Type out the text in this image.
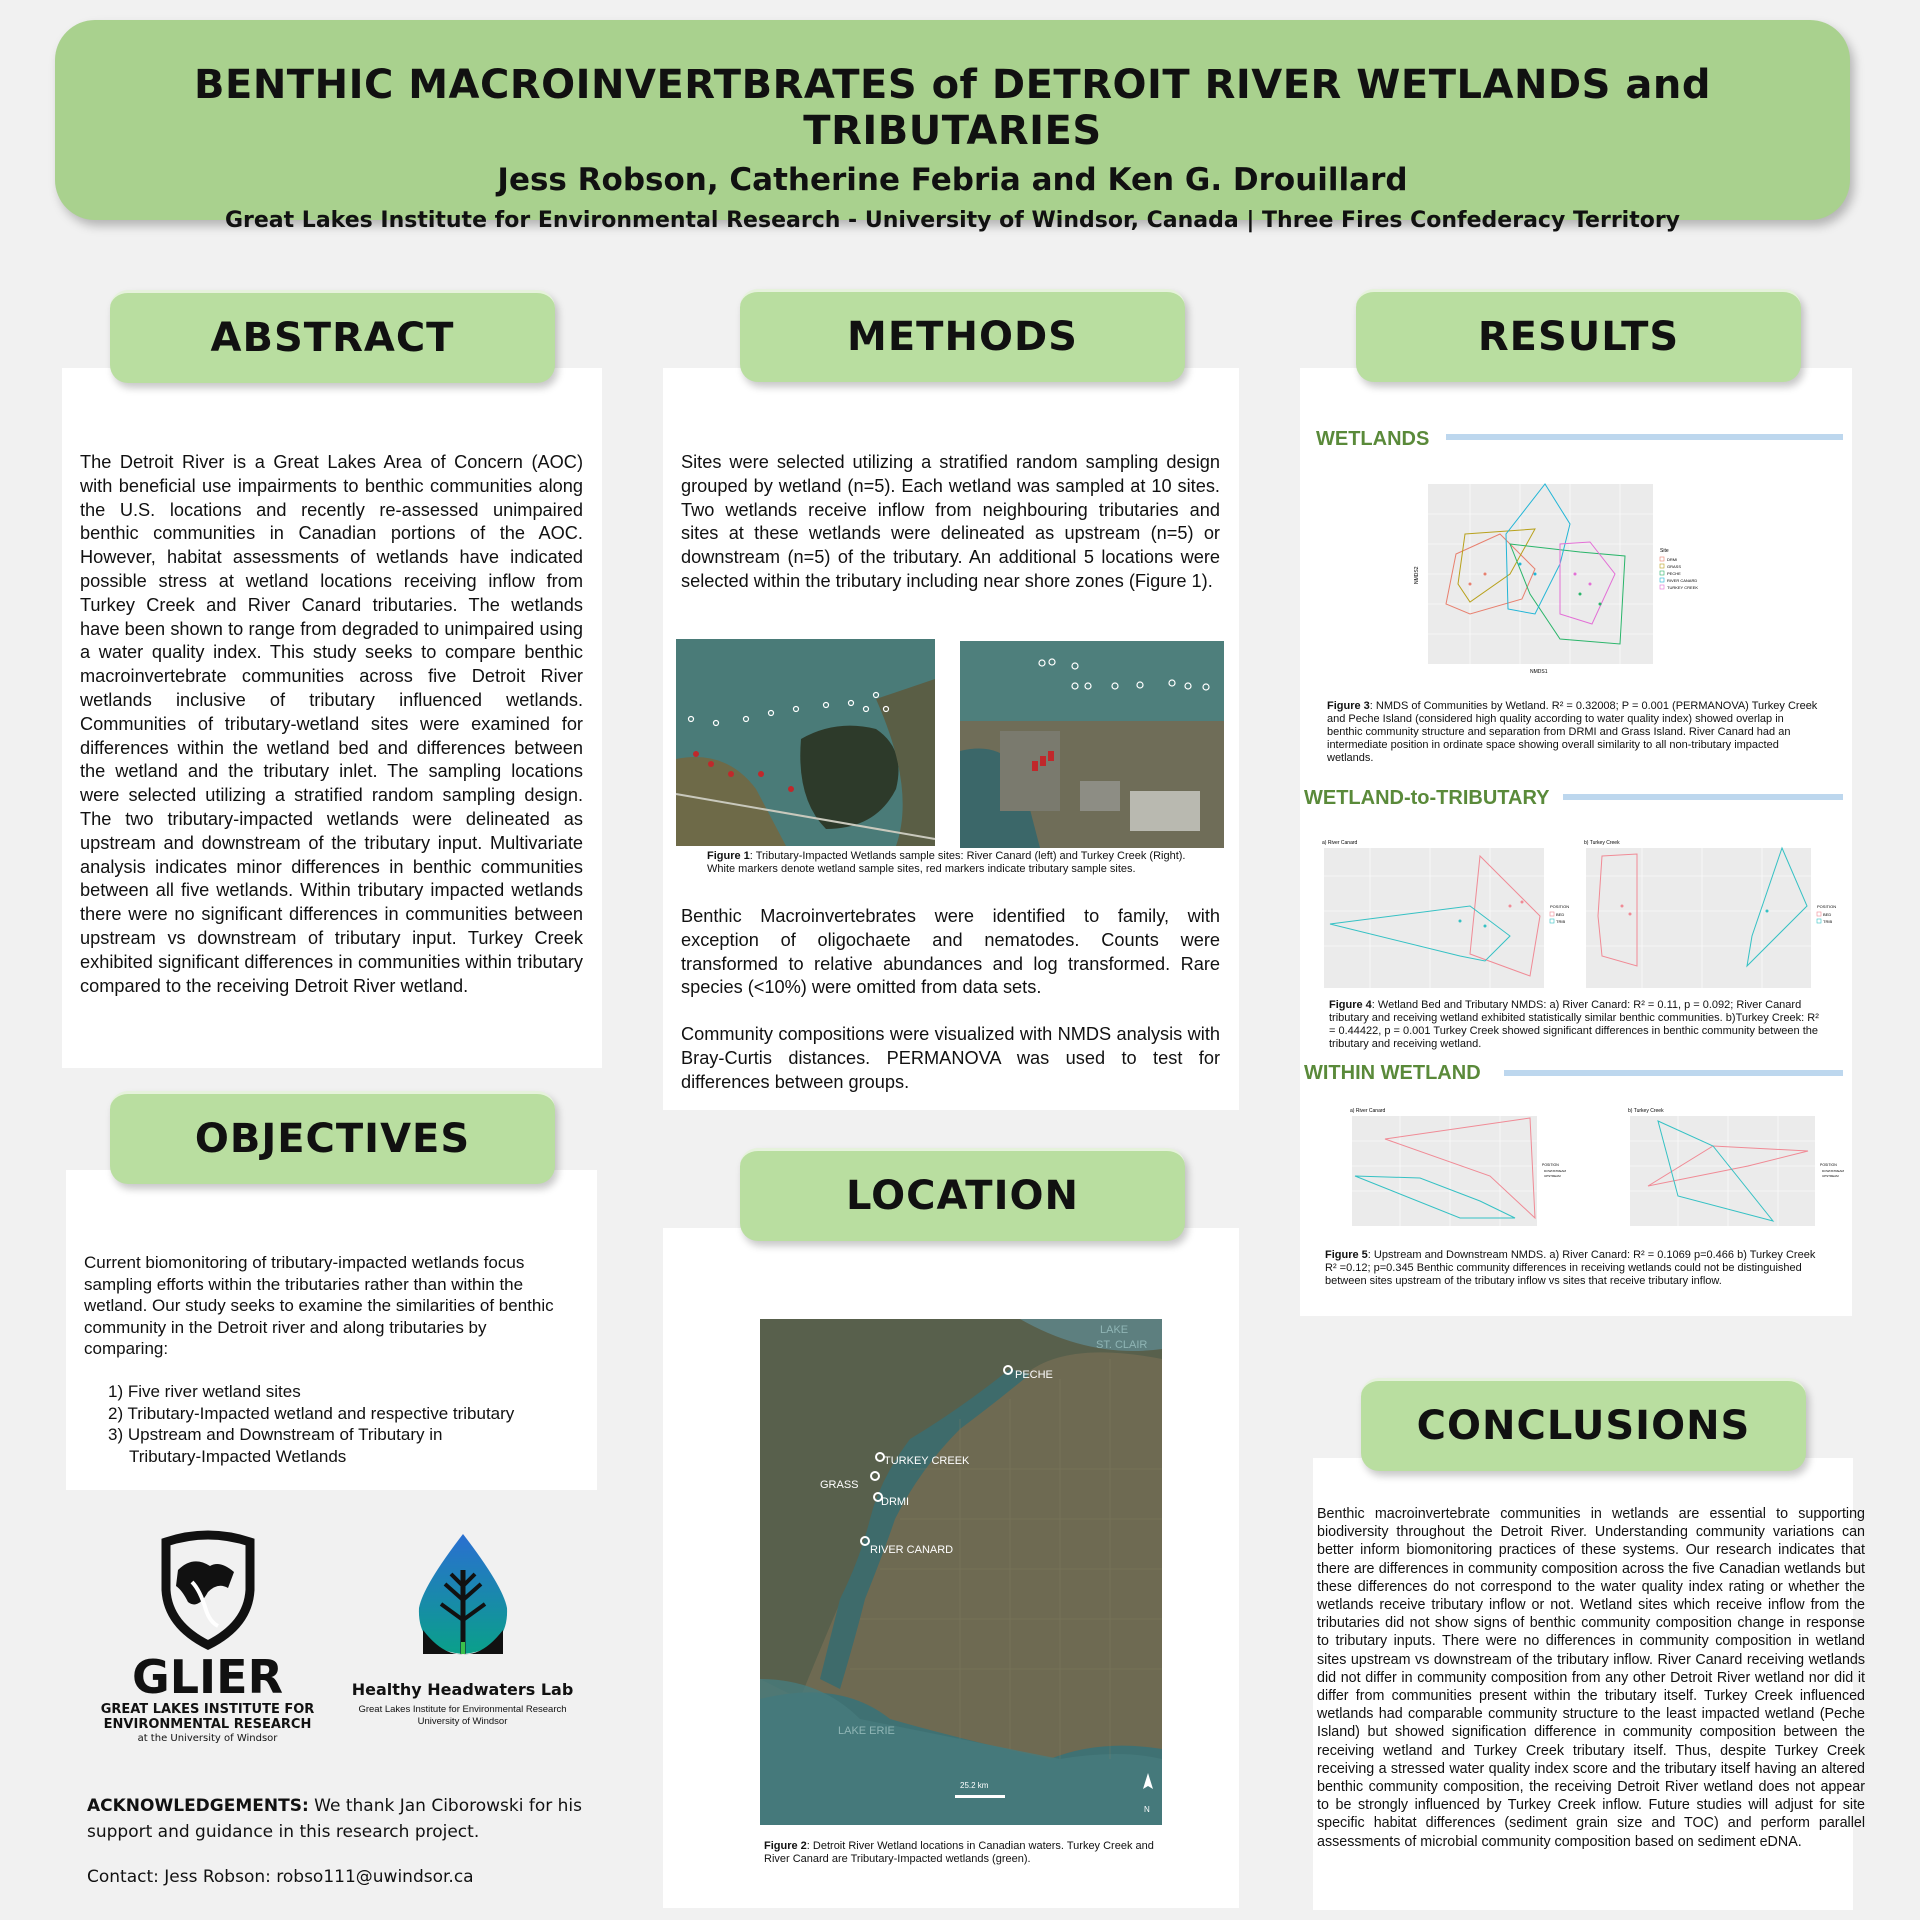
BENTHIC MACROINVERTBRATES of DETROIT RIVER WETLANDS and TRIBUTARIES
Jess Robson, Catherine Febria and Ken G. Drouillard
Great Lakes Institute for Environmental Research - University of Windsor, Canada | Three Fires Confederacy Territory
ABSTRACT
The Detroit River is a Great Lakes Area of Concern (AOC) with beneficial use impairments to benthic communities along the U.S. locations and recently re-assessed unimpaired benthic communities in Canadian portions of the AOC. However, habitat assessments of wetlands have indicated possible stress at wetland locations receiving inflow from Turkey Creek and River Canard tributaries. The wetlands have been shown to range from degraded to unimpaired using a water quality index. This study seeks to compare benthic macroinvertebrate communities across five Detroit River wetlands inclusive of tributary influenced wetlands. Communities of tributary-wetland sites were examined for differences within the wetland bed and differences between the wetland and the tributary inlet. The sampling locations were selected utilizing a stratified random sampling design. The two tributary-impacted wetlands were delineated as upstream and downstream of the tributary input. Multivariate analysis indicates minor differences in benthic communities between all five wetlands. Within tributary impacted wetlands there were no significant differences in communities between upstream vs downstream of tributary input. Turkey Creek exhibited significant differences in communities within tributary compared to the receiving Detroit River wetland.
OBJECTIVES
Current biomonitoring of tributary-impacted wetlands focus sampling efforts within the tributaries rather than within the wetland. Our study seeks to examine the similarities of benthic community in the Detroit river and along tributaries by comparing:
1) Five river wetland sites
2) Tributary-Impacted wetland and respective tributary
3) Upstream and Downstream of Tributary in
Tributary-Impacted Wetlands
GLIER
GREAT LAKES INSTITUTE FOR
ENVIRONMENTAL RESEARCH
at the University of Windsor
Healthy Headwaters Lab
Great Lakes Institute for Environmental Research
University of Windsor
ACKNOWLEDGEMENTS: We thank Jan Ciborowski for his support and guidance in this research project.
Contact: Jess Robson: robso111@uwindsor.ca
METHODS
Sites were selected utilizing a stratified random sampling design grouped by wetland (n=5). Each wetland was sampled at 10 sites. Two wetlands receive inflow from neighbouring tributaries and sites at these wetlands were delineated as upstream (n=5) or downstream (n=5) of the tributary. An additional 5 locations were selected within the tributary including near shore zones (Figure 1).
Figure 1: Tributary-Impacted Wetlands sample sites: River Canard (left) and Turkey Creek (Right). White markers denote wetland sample sites, red markers indicate tributary sample sites.
Benthic Macroinvertebrates were identified to family, with exception of oligochaete and nematodes. Counts were transformed to relative abundances and log transformed. Rare species (<10%) were omitted from data sets.
Community compositions were visualized with NMDS analysis with Bray-Curtis distances. PERMANOVA was used to test for differences between groups.
LOCATION
PECHE
TURKEY CREEK
GRASS
DRMI
RIVER CANARD
LAKE ERIE
LAKE
ST. CLAIR
25.2 km
N
Figure 2: Detroit River Wetland locations in Canadian waters. Turkey Creek and River Canard are Tributary-Impacted wetlands (green).
RESULTS
WETLANDS
NMDS1
NMDS2
Site
DRMI
GRASS
PECHE
RIVER CANARD
TURKEY CREEK
Figure 3: NMDS of Communities by Wetland. R² = 0.32008; P = 0.001 (PERMANOVA) Turkey Creek and Peche Island (considered high quality according to water quality index) showed overlap in benthic community structure and separation from DRMI and Grass Island. River Canard had an intermediate position in ordinate space showing overall similarity to all non-tributary impacted wetlands.
WETLAND-to-TRIBUTARY
a) River Canard
POSITION
BED
TRIB
b) Turkey Creek
POSITION
BED
TRIB
Figure 4: Wetland Bed and Tributary NMDS: a) River Canard: R² = 0.11, p = 0.092; River Canard tributary and receiving wetland exhibited statistically similar benthic communities. b)Turkey Creek: R² = 0.44422, p = 0.001 Turkey Creek showed significant differences in benthic community between the tributary and receiving wetland.
WITHIN WETLAND
a) River Canard
POSITION
DOWNSTREAM
UPSTREAM
b) Turkey Creek
POSITION
DOWNSTREAM
UPSTREAM
Figure 5: Upstream and Downstream NMDS. a) River Canard: R² = 0.1069 p=0.466 b) Turkey Creek R² =0.12; p=0.345 Benthic community differences in receiving wetlands could not be distinguished between sites upstream of the tributary inflow vs sites that receive tributary inflow.
CONCLUSIONS
Benthic macroinvertebrate communities in wetlands are essential to supporting biodiversity throughout the Detroit River. Understanding community variations can better inform biomonitoring practices of these systems. Our research indicates that there are differences in community composition across the five Canadian wetlands but these differences do not correspond to the water quality index rating or whether the wetlands receive tributary inflow or not. Wetland sites which receive inflow from the tributaries did not show signs of benthic community composition change in response to tributary inputs. There were no differences in community composition in wetland sites upstream vs downstream of the tributary inflow. River Canard receiving wetlands did not differ in community composition from any other Detroit River wetland nor did it differ from communities present within the tributary itself. Turkey Creek influenced wetlands had comparable community structure to the least impacted wetland (Peche Island) but showed signification difference in community composition between the receiving wetland and Turkey Creek tributary itself. Thus, despite Turkey Creek receiving a stressed water quality index score and the tributary itself having an altered benthic community composition, the receiving Detroit River wetland does not appear to be strongly influenced by Turkey Creek inflow. Future studies will adjust for site specific habitat differences (sediment grain size and TOC) and perform parallel assessments of microbial community composition based on sediment eDNA.
